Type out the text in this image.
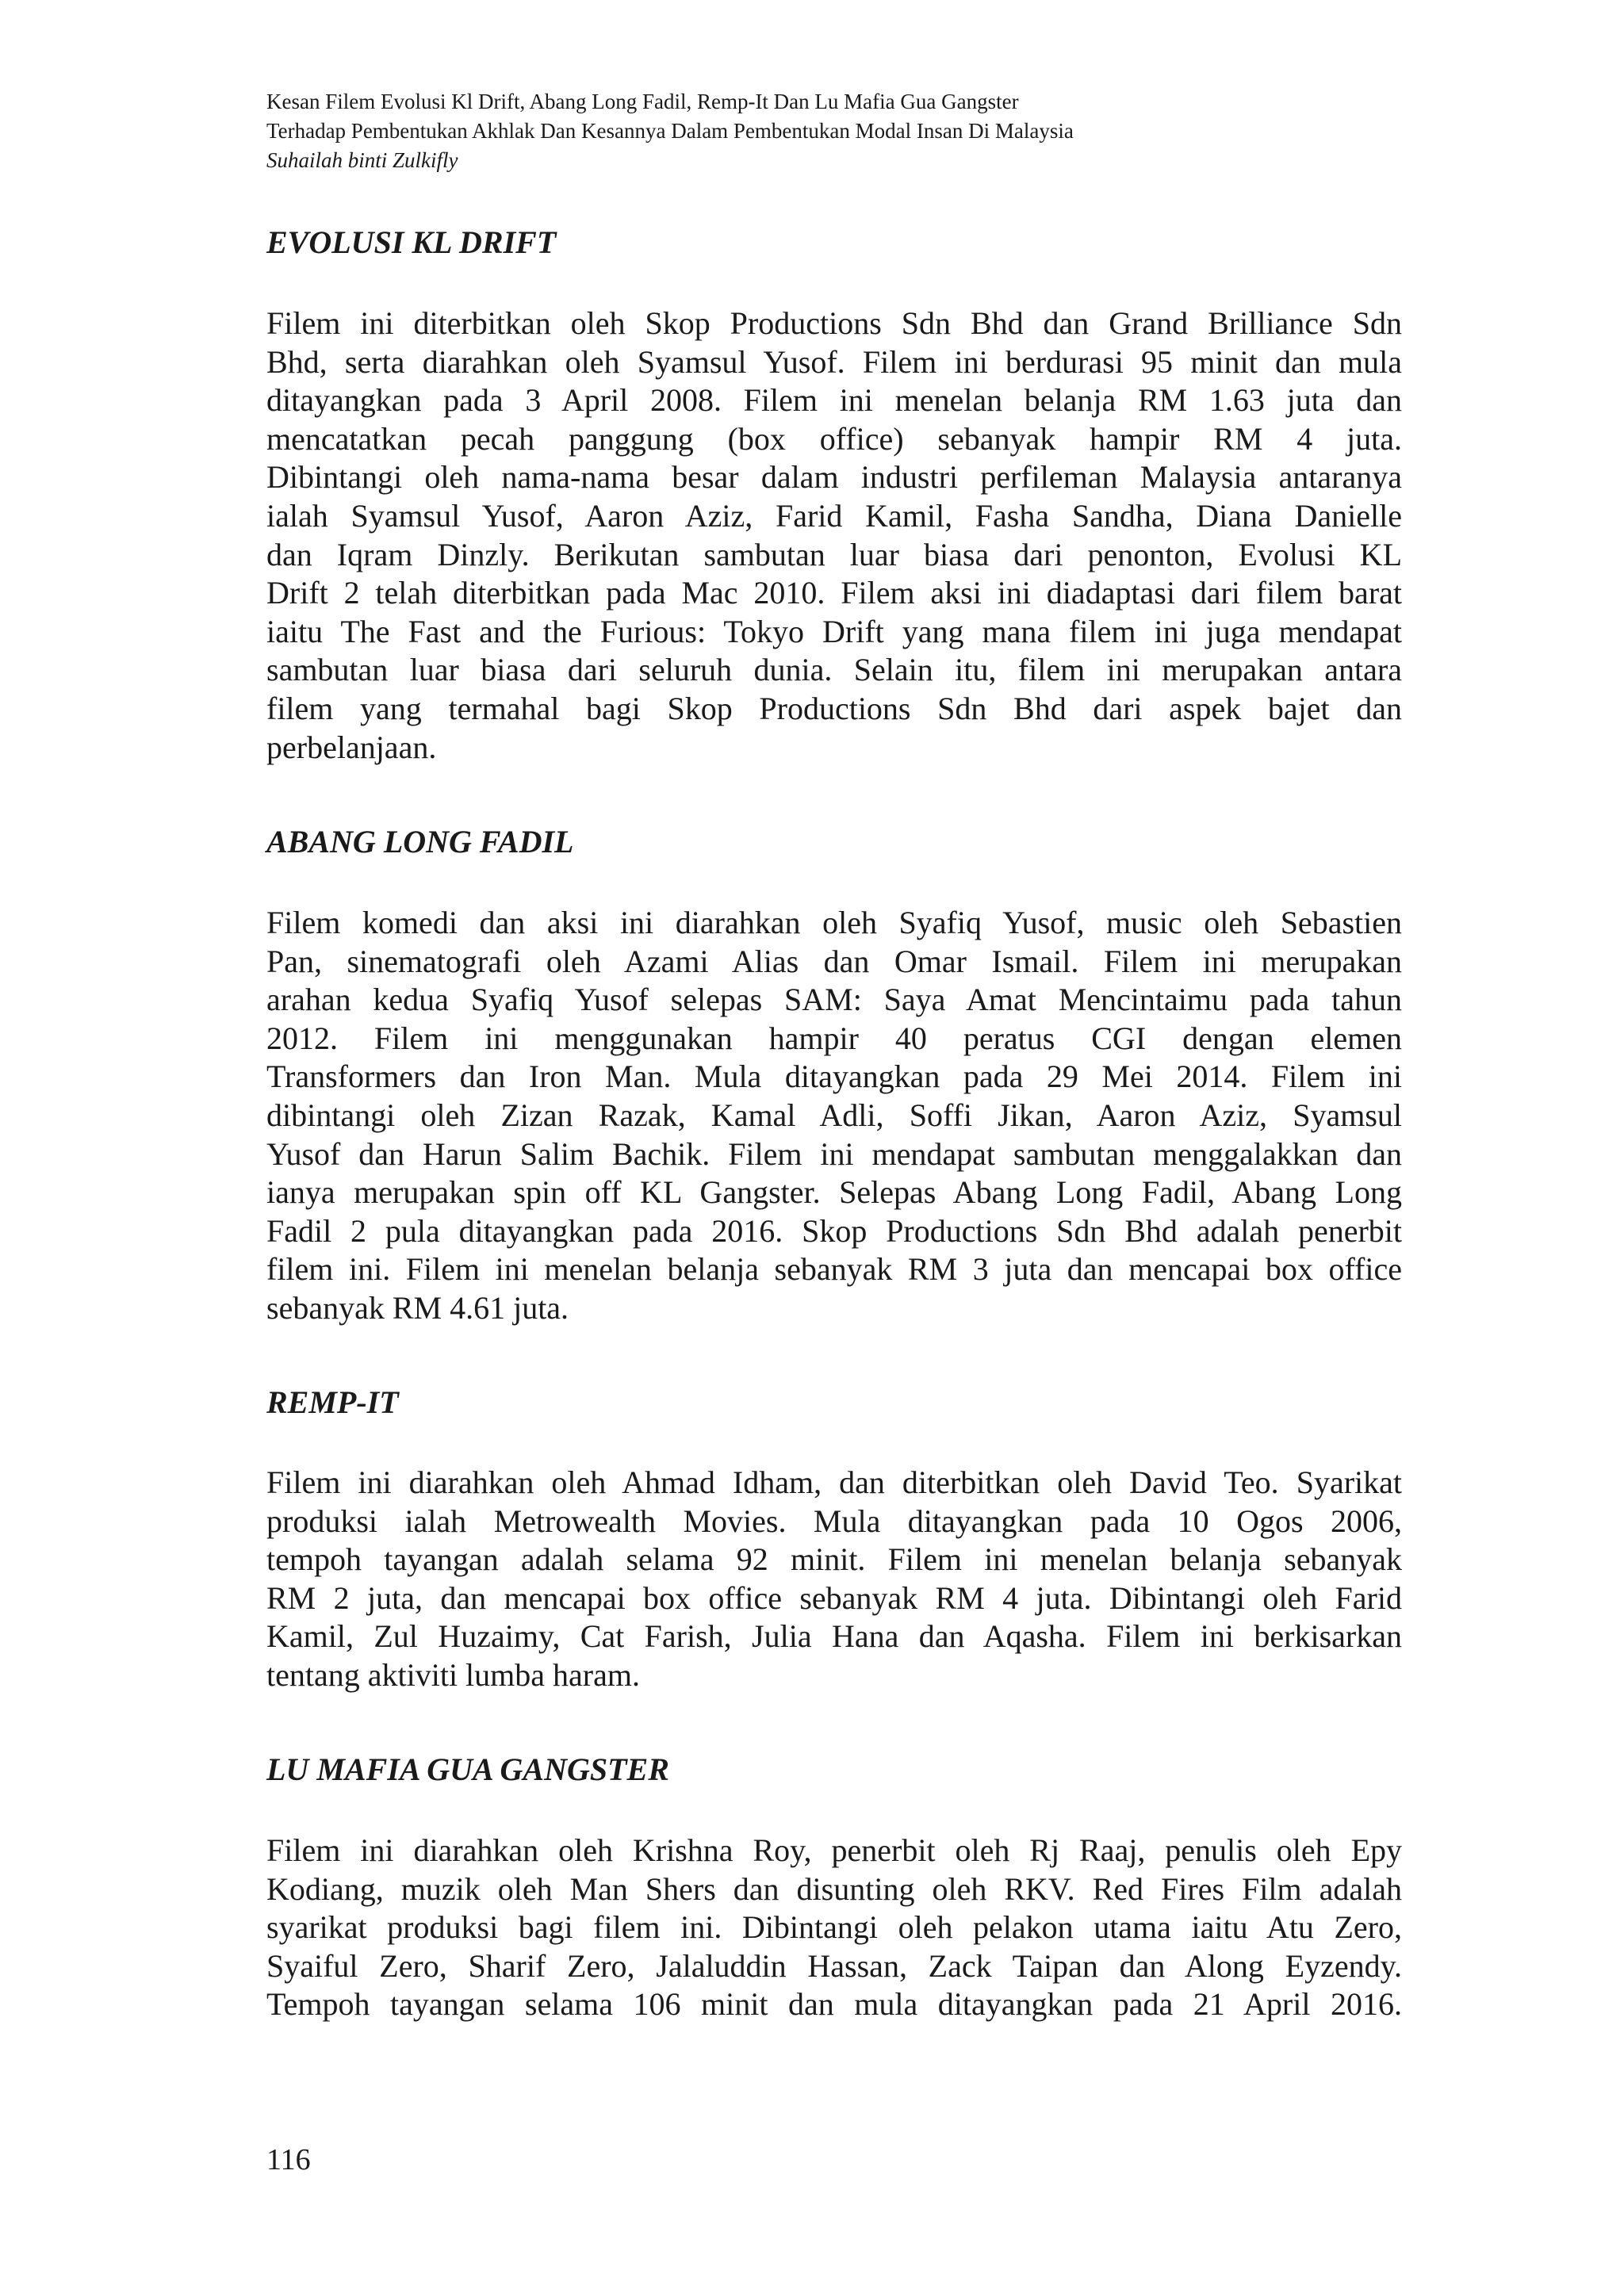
Kesan Filem Evolusi Kl Drift, Abang Long Fadil, Remp-It Dan Lu Mafia Gua Gangster
Terhadap Pembentukan Akhlak Dan Kesannya Dalam Pembentukan Modal Insan Di Malaysia
Suhailah binti Zulkifly
EVOLUSI KL DRIFT
Filem ini diterbitkan oleh Skop Productions Sdn Bhd dan Grand Brilliance Sdn
Bhd, serta diarahkan oleh Syamsul Yusof. Filem ini berdurasi 95 minit dan mula
ditayangkan pada 3 April 2008. Filem ini menelan belanja RM 1.63 juta dan
mencatatkan pecah panggung (box office) sebanyak hampir RM 4 juta.
Dibintangi oleh nama-nama besar dalam industri perfileman Malaysia antaranya
ialah Syamsul Yusof, Aaron Aziz, Farid Kamil, Fasha Sandha, Diana Danielle
dan Iqram Dinzly. Berikutan sambutan luar biasa dari penonton, Evolusi KL
Drift 2 telah diterbitkan pada Mac 2010. Filem aksi ini diadaptasi dari filem barat
iaitu The Fast and the Furious: Tokyo Drift yang mana filem ini juga mendapat
sambutan luar biasa dari seluruh dunia. Selain itu, filem ini merupakan antara
filem yang termahal bagi Skop Productions Sdn Bhd dari aspek bajet dan
perbelanjaan.
ABANG LONG FADIL
Filem komedi dan aksi ini diarahkan oleh Syafiq Yusof, music oleh Sebastien
Pan, sinematografi oleh Azami Alias dan Omar Ismail. Filem ini merupakan
arahan kedua Syafiq Yusof selepas SAM: Saya Amat Mencintaimu pada tahun
2012. Filem ini menggunakan hampir 40 peratus CGI dengan elemen
Transformers dan Iron Man. Mula ditayangkan pada 29 Mei 2014. Filem ini
dibintangi oleh Zizan Razak, Kamal Adli, Soffi Jikan, Aaron Aziz, Syamsul
Yusof dan Harun Salim Bachik. Filem ini mendapat sambutan menggalakkan dan
ianya merupakan spin off KL Gangster. Selepas Abang Long Fadil, Abang Long
Fadil 2 pula ditayangkan pada 2016. Skop Productions Sdn Bhd adalah penerbit
filem ini. Filem ini menelan belanja sebanyak RM 3 juta dan mencapai box office
sebanyak RM 4.61 juta.
REMP-IT
Filem ini diarahkan oleh Ahmad Idham, dan diterbitkan oleh David Teo. Syarikat
produksi ialah Metrowealth Movies. Mula ditayangkan pada 10 Ogos 2006,
tempoh tayangan adalah selama 92 minit. Filem ini menelan belanja sebanyak
RM 2 juta, dan mencapai box office sebanyak RM 4 juta. Dibintangi oleh Farid
Kamil, Zul Huzaimy, Cat Farish, Julia Hana dan Aqasha. Filem ini berkisarkan
tentang aktiviti lumba haram.
LU MAFIA GUA GANGSTER
Filem ini diarahkan oleh Krishna Roy, penerbit oleh Rj Raaj, penulis oleh Epy
Kodiang, muzik oleh Man Shers dan disunting oleh RKV. Red Fires Film adalah
syarikat produksi bagi filem ini. Dibintangi oleh pelakon utama iaitu Atu Zero,
Syaiful Zero, Sharif Zero, Jalaluddin Hassan, Zack Taipan dan Along Eyzendy.
Tempoh tayangan selama 106 minit dan mula ditayangkan pada 21 April 2016.
116
